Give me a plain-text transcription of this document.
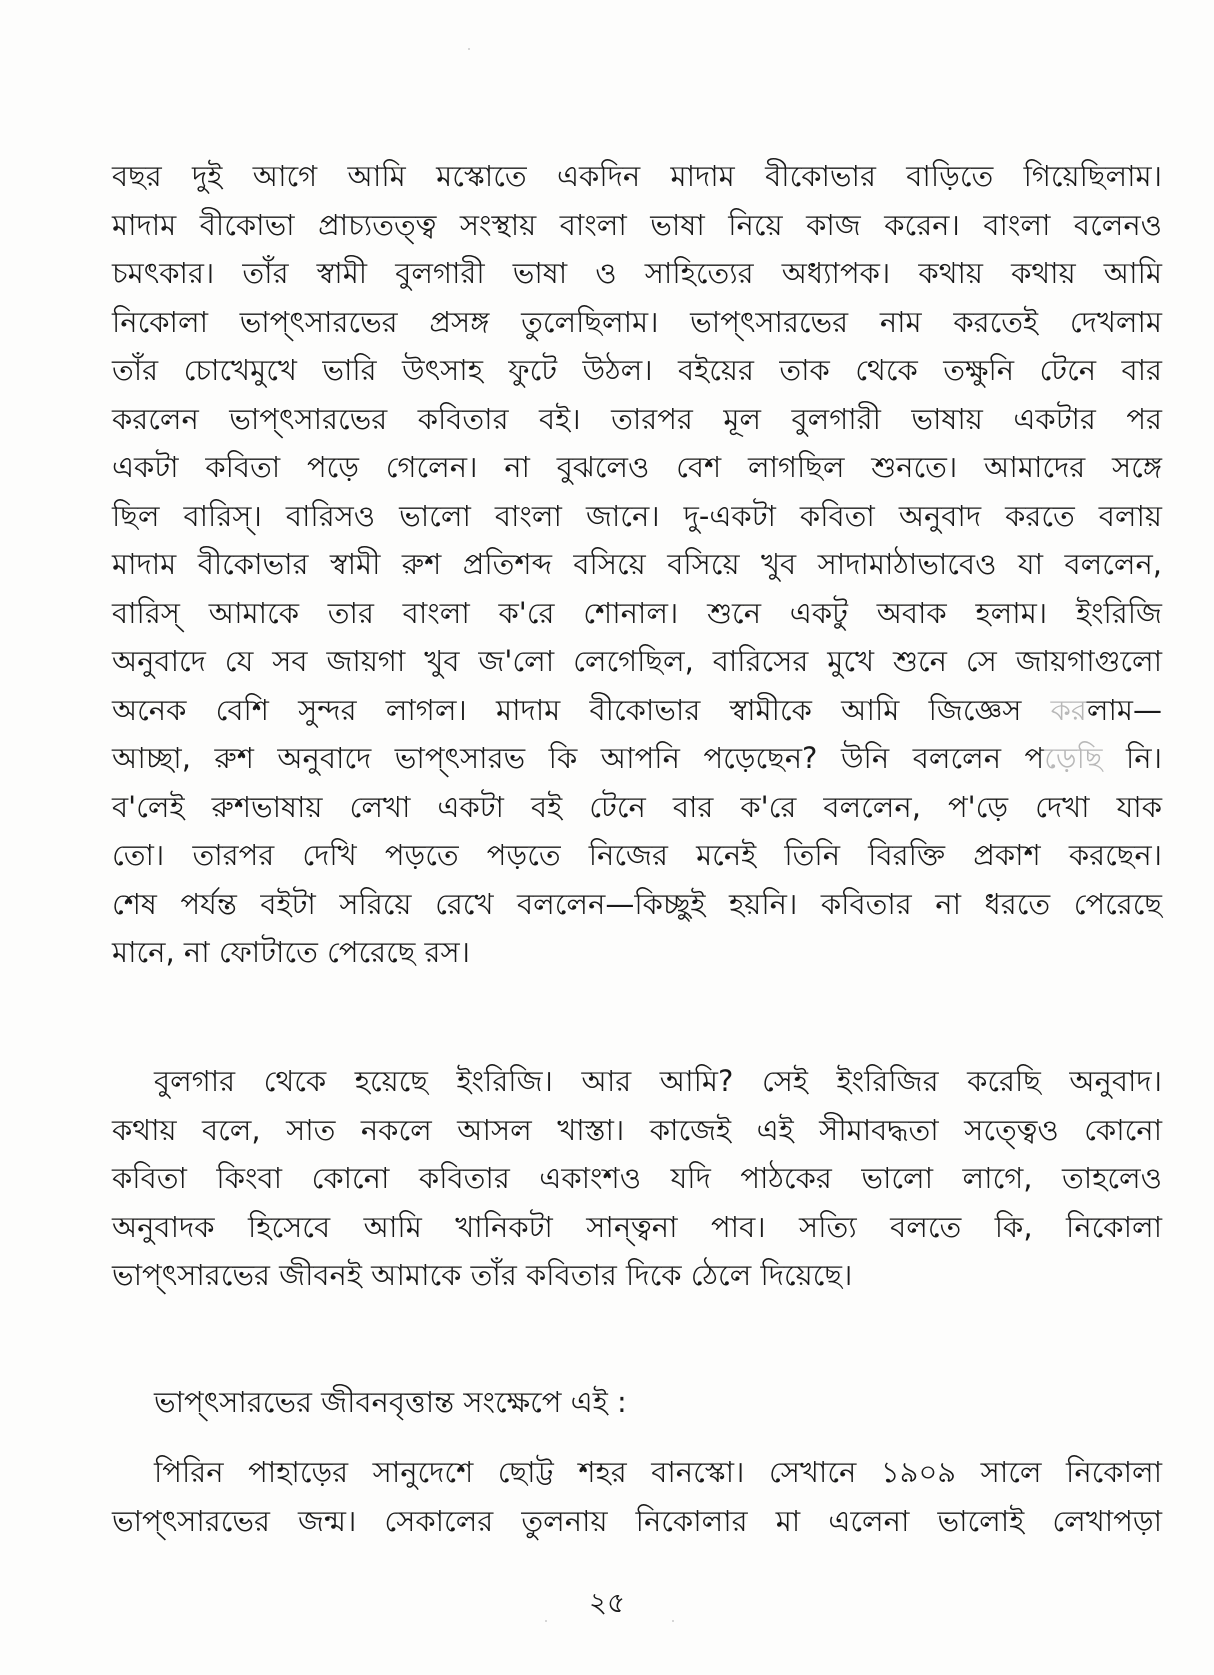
বছর দুই আগে আমি মস্কোতে একদিন মাদাম বীকোভার বাড়িতে গিয়েছিলাম।
মাদাম বীকোভা প্রাচ্যতত্ত্ব সংস্থায় বাংলা ভাষা নিয়ে কাজ করেন। বাংলা বলেনও
চমৎকার। তাঁর স্বামী বুলগারী ভাষা ও সাহিত্যের অধ্যাপক। কথায় কথায় আমি
নিকোলা ভাপ্ৎসারভের প্রসঙ্গ তুলেছিলাম। ভাপ্ৎসারভের নাম করতেই দেখলাম
তাঁর চোখেমুখে ভারি উৎসাহ ফুটে উঠল। বইয়ের তাক থেকে তক্ষুনি টেনে বার
করলেন ভাপ্ৎসারভের কবিতার বই। তারপর মূল বুলগারী ভাষায় একটার পর
একটা কবিতা পড়ে গেলেন। না বুঝলেও বেশ লাগছিল শুনতে। আমাদের সঙ্গে
ছিল বারিস্। বারিসও ভালো বাংলা জানে। দু-একটা কবিতা অনুবাদ করতে বলায়
মাদাম বীকোভার স্বামী রুশ প্রতিশব্দ বসিয়ে বসিয়ে খুব সাদামাঠাভাবেও যা বললেন,
বারিস্ আমাকে তার বাংলা ক'রে শোনাল। শুনে একটু অবাক হলাম। ইংরিজি
অনুবাদে যে সব জায়গা খুব জ'লো লেগেছিল, বারিসের মুখে শুনে সে জায়গাগুলো
অনেক বেশি সুন্দর লাগল। মাদাম বীকোভার স্বামীকে আমি জিজ্ঞেস করলাম—
আচ্ছা, রুশ অনুবাদে ভাপ্ৎসারভ কি আপনি পড়েছেন? উনি বললেন পড়েছি নি।
ব'লেই রুশভাষায় লেখা একটা বই টেনে বার ক'রে বললেন, প'ড়ে দেখা যাক
তো। তারপর দেখি পড়তে পড়তে নিজের মনেই তিনি বিরক্তি প্রকাশ করছেন।
শেষ পর্যন্ত বইটা সরিয়ে রেখে বললেন—কিচ্ছুই হয়নি। কবিতার না ধরতে পেরেছে
মানে, না ফোটাতে পেরেছে রস।
বুলগার থেকে হয়েছে ইংরিজি। আর আমি? সেই ইংরিজির করেছি অনুবাদ।
কথায় বলে, সাত নকলে আসল খাস্তা। কাজেই এই সীমাবদ্ধতা সত্ত্বেও কোনো
কবিতা কিংবা কোনো কবিতার একাংশও যদি পাঠকের ভালো লাগে, তাহলেও
অনুবাদক হিসেবে আমি খানিকটা সান্ত্বনা পাব। সত্যি বলতে কি, নিকোলা
ভাপ্ৎসারভের জীবনই আমাকে তাঁর কবিতার দিকে ঠেলে দিয়েছে।
ভাপ্ৎসারভের জীবনবৃত্তান্ত সংক্ষেপে এই :
পিরিন পাহাড়ের সানুদেশে ছোট্ট শহর বানস্কো। সেখানে ১৯০৯ সালে নিকোলা
ভাপ্ৎসারভের জন্ম। সেকালের তুলনায় নিকোলার মা এলেনা ভালোই লেখাপড়া
২৫
